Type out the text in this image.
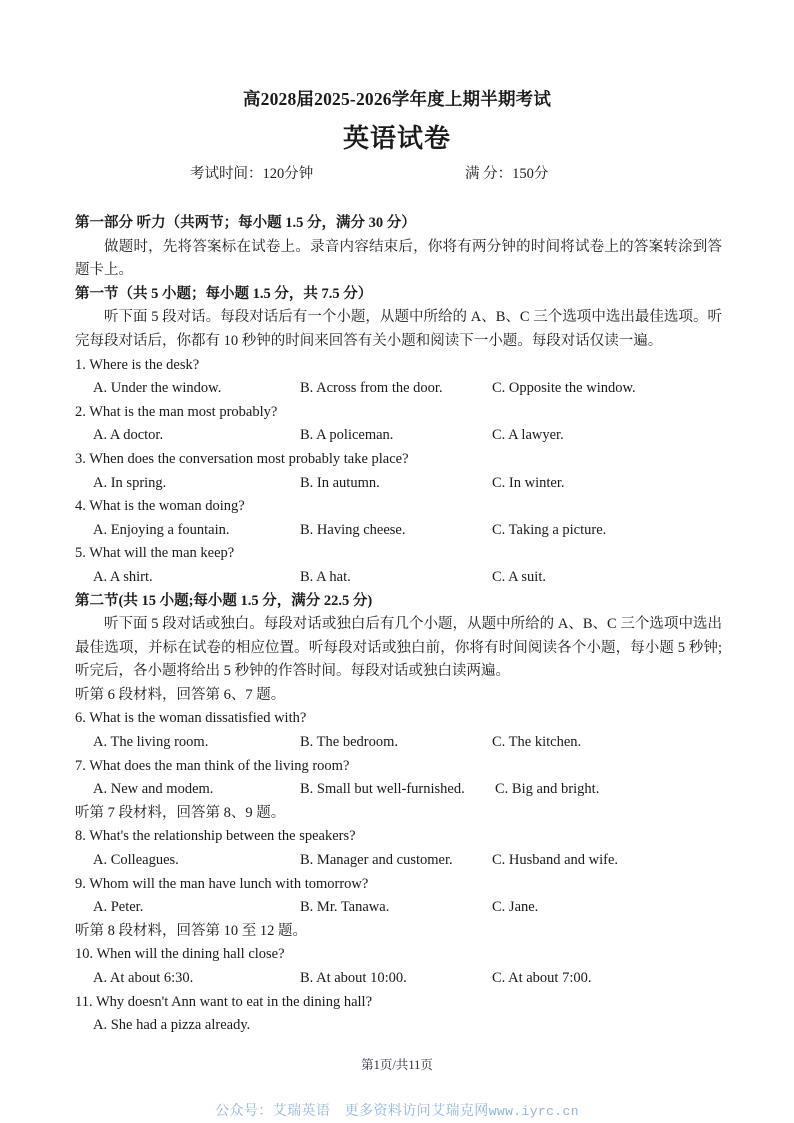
高2028届2025-2026学年度上期半期考试
英语试卷
考试时间：120分钟	满 分：150分
第一部分 听力（共两节；每小题 1.5 分，满分 30 分）
做题时，先将答案标在试卷上。录音内容结束后，你将有两分钟的时间将试卷上的答案转涂到答题卡上。
第一节（共 5 小题；每小题 1.5 分，共 7.5 分）
听下面 5 段对话。每段对话后有一个小题，从题中所给的 A、B、C 三个选项中选出最佳选项。听完每段对话后，你都有 10 秒钟的时间来回答有关小题和阅读下一小题。每段对话仅读一遍。
1. Where is the desk?
A. Under the window.	B. Across from the door.	C. Opposite the window.
2. What is the man most probably?
A. A doctor.	B. A policeman.	C. A lawyer.
3. When does the conversation most probably take place?
A. In spring.	B. In autumn.	C. In winter.
4. What is the woman doing?
A. Enjoying a fountain.	B. Having cheese.	C. Taking a picture.
5. What will the man keep?
A. A shirt.	B. A hat.	C. A suit.
第二节(共 15 小题;每小题 1.5 分，满分 22.5 分)
听下面 5 段对话或独白。每段对话或独白后有几个小题，从题中所给的 A、B、C 三个选项中选出最佳选项，并标在试卷的相应位置。听每段对话或独白前，你将有时间阅读各个小题，每小题 5 秒钟;听完后，各小题将给出 5 秒钟的作答时间。每段对话或独白读两遍。
听第 6 段材料，回答第 6、7 题。
6. What is the woman dissatisfied with?
A. The living room.	B. The bedroom.	C. The kitchen.
7. What does the man think of the living room?
A. New and modem.	B. Small but well-furnished. C. Big and bright.
听第 7 段材料，回答第 8、9 题。
8. What's the relationship between the speakers?
A. Colleagues.	B. Manager and customer.	C. Husband and wife.
9. Whom will the man have lunch with tomorrow?
A. Peter.	B. Mr. Tanawa.	C. Jane.
听第 8 段材料，回答第 10 至 12 题。
10. When will the dining hall close?
A. At about 6:30.	B. At about 10:00.	C. At about 7:00.
11. Why doesn't Ann want to eat in the dining hall?
A. She had a pizza already.
第1页/共11页
公众号：艾瑞英语　更多资料访问艾瑞克网www.iyrc.cn
